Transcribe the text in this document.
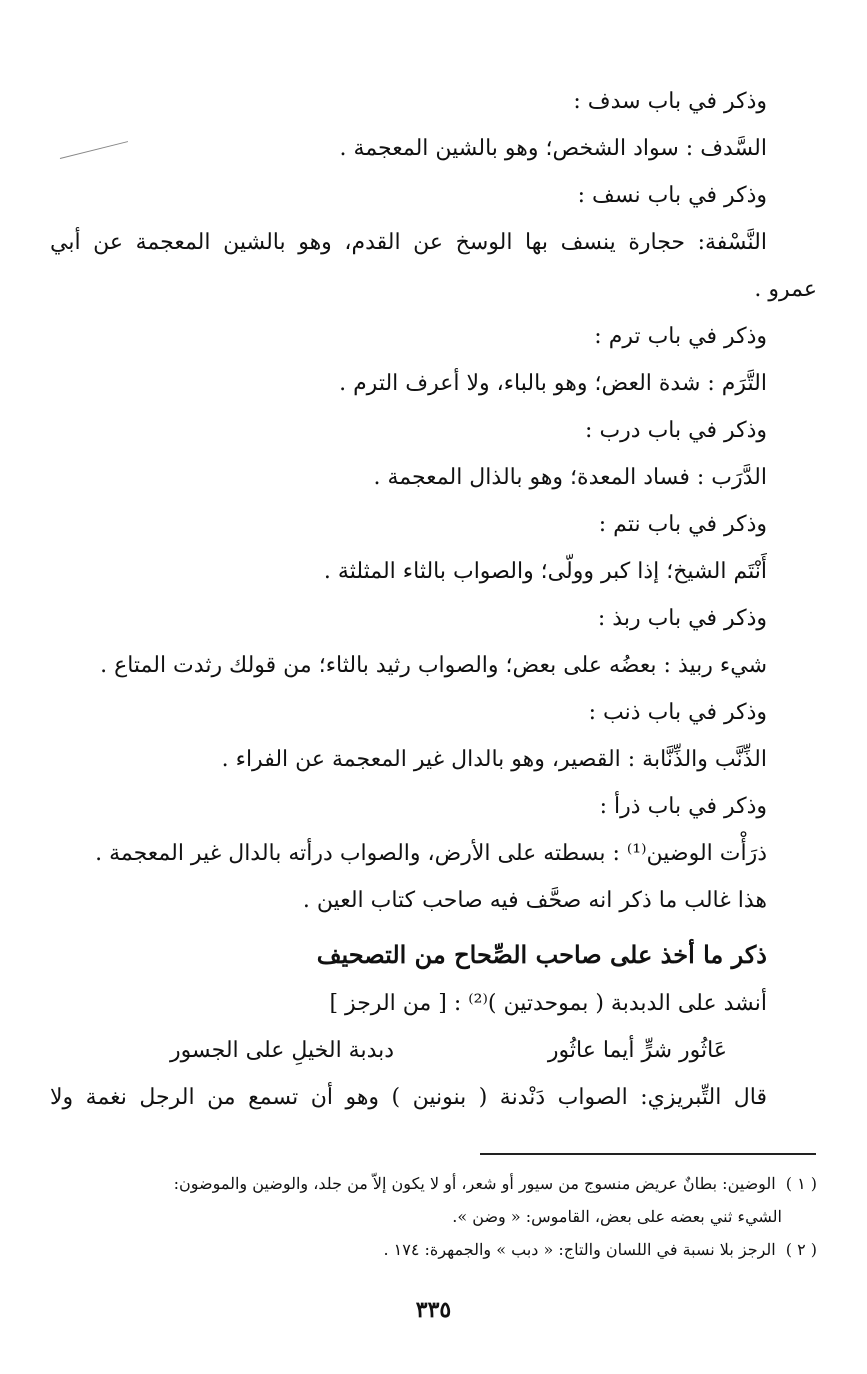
وذكر في باب سدف :
السَّدف : سواد الشخص؛ وهو بالشين المعجمة .
وذكر في باب نسف :
النَّسْفة: حجارة ينسف بها الوسخ عن القدم، وهو بالشين المعجمة عن أبي
عمرو .
وذكر في باب ترم :
التَّرَم : شدة العض؛ وهو بالباء، ولا أعرف الترم .
وذكر في باب درب :
الدَّرَب : فساد المعدة؛ وهو بالذال المعجمة .
وذكر في باب نتم :
أَنْتَم الشيخ؛ إذا كبر وولّى؛ والصواب بالثاء المثلثة .
وذكر في باب ربذ :
شيء ربيذ : بعضُه على بعض؛ والصواب رثيد بالثاء؛ من قولك رثدت المتاع .
وذكر في باب ذنب :
الذِّنَّب والذِّنَّابة : القصير، وهو بالدال غير المعجمة عن الفراء .
وذكر في باب ذرأ :
ذرَأْت الوضين⁽¹⁾ : بسطته على الأرض، والصواب درأته بالدال غير المعجمة .
هذا غالب ما ذكر انه صحَّف فيه صاحب كتاب العين .
ذكر ما أخذ على صاحب الصِّحاح من التصحيف
أنشد على الدبدبة ( بموحدتين )⁽²⁾ : [ من الرجز ]
عَاثُور شرٍّ أيما عاثُور
دبدبة الخيلِ على الجسور
قال التِّبريزي: الصواب دَنْدنة ( بنونين ) وهو أن تسمع من الرجل نغمة ولا
( ١ )الوضين: بطانٌ عريض منسوج من سيور أو شعر، أو لا يكون إلاّ من جلد، والوضين والموضون:
الشيء ثني بعضه على بعض، القاموس: « وضن ».
( ٢ )الرجز بلا نسبة في اللسان والتاج: « دبب » والجمهرة: ١٧٤ .
٣٣٥
